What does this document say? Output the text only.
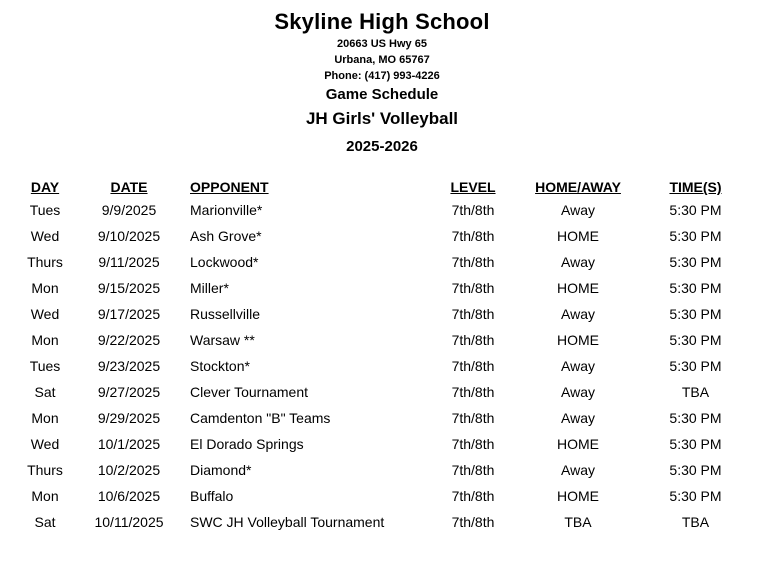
Skyline High School
20663 US Hwy 65
Urbana, MO 65767
Phone: (417) 993-4226
Game Schedule
JH Girls' Volleyball
2025-2026
DAY	DATE	OPPONENT	LEVEL	HOME/AWAY	TIME(S)
Tues	9/9/2025	Marionville*	7th/8th	Away	5:30 PM
Wed	9/10/2025	Ash Grove*	7th/8th	HOME	5:30 PM
Thurs	9/11/2025	Lockwood*	7th/8th	Away	5:30 PM
Mon	9/15/2025	Miller*	7th/8th	HOME	5:30 PM
Wed	9/17/2025	Russellville	7th/8th	Away	5:30 PM
Mon	9/22/2025	Warsaw **	7th/8th	HOME	5:30 PM
Tues	9/23/2025	Stockton*	7th/8th	Away	5:30 PM
Sat	9/27/2025	Clever Tournament	7th/8th	Away	TBA
Mon	9/29/2025	Camdenton "B" Teams	7th/8th	Away	5:30 PM
Wed	10/1/2025	El Dorado Springs	7th/8th	HOME	5:30 PM
Thurs	10/2/2025	Diamond*	7th/8th	Away	5:30 PM
Mon	10/6/2025	Buffalo	7th/8th	HOME	5:30 PM
Sat	10/11/2025	SWC JH Volleyball Tournament	7th/8th	TBA	TBA
